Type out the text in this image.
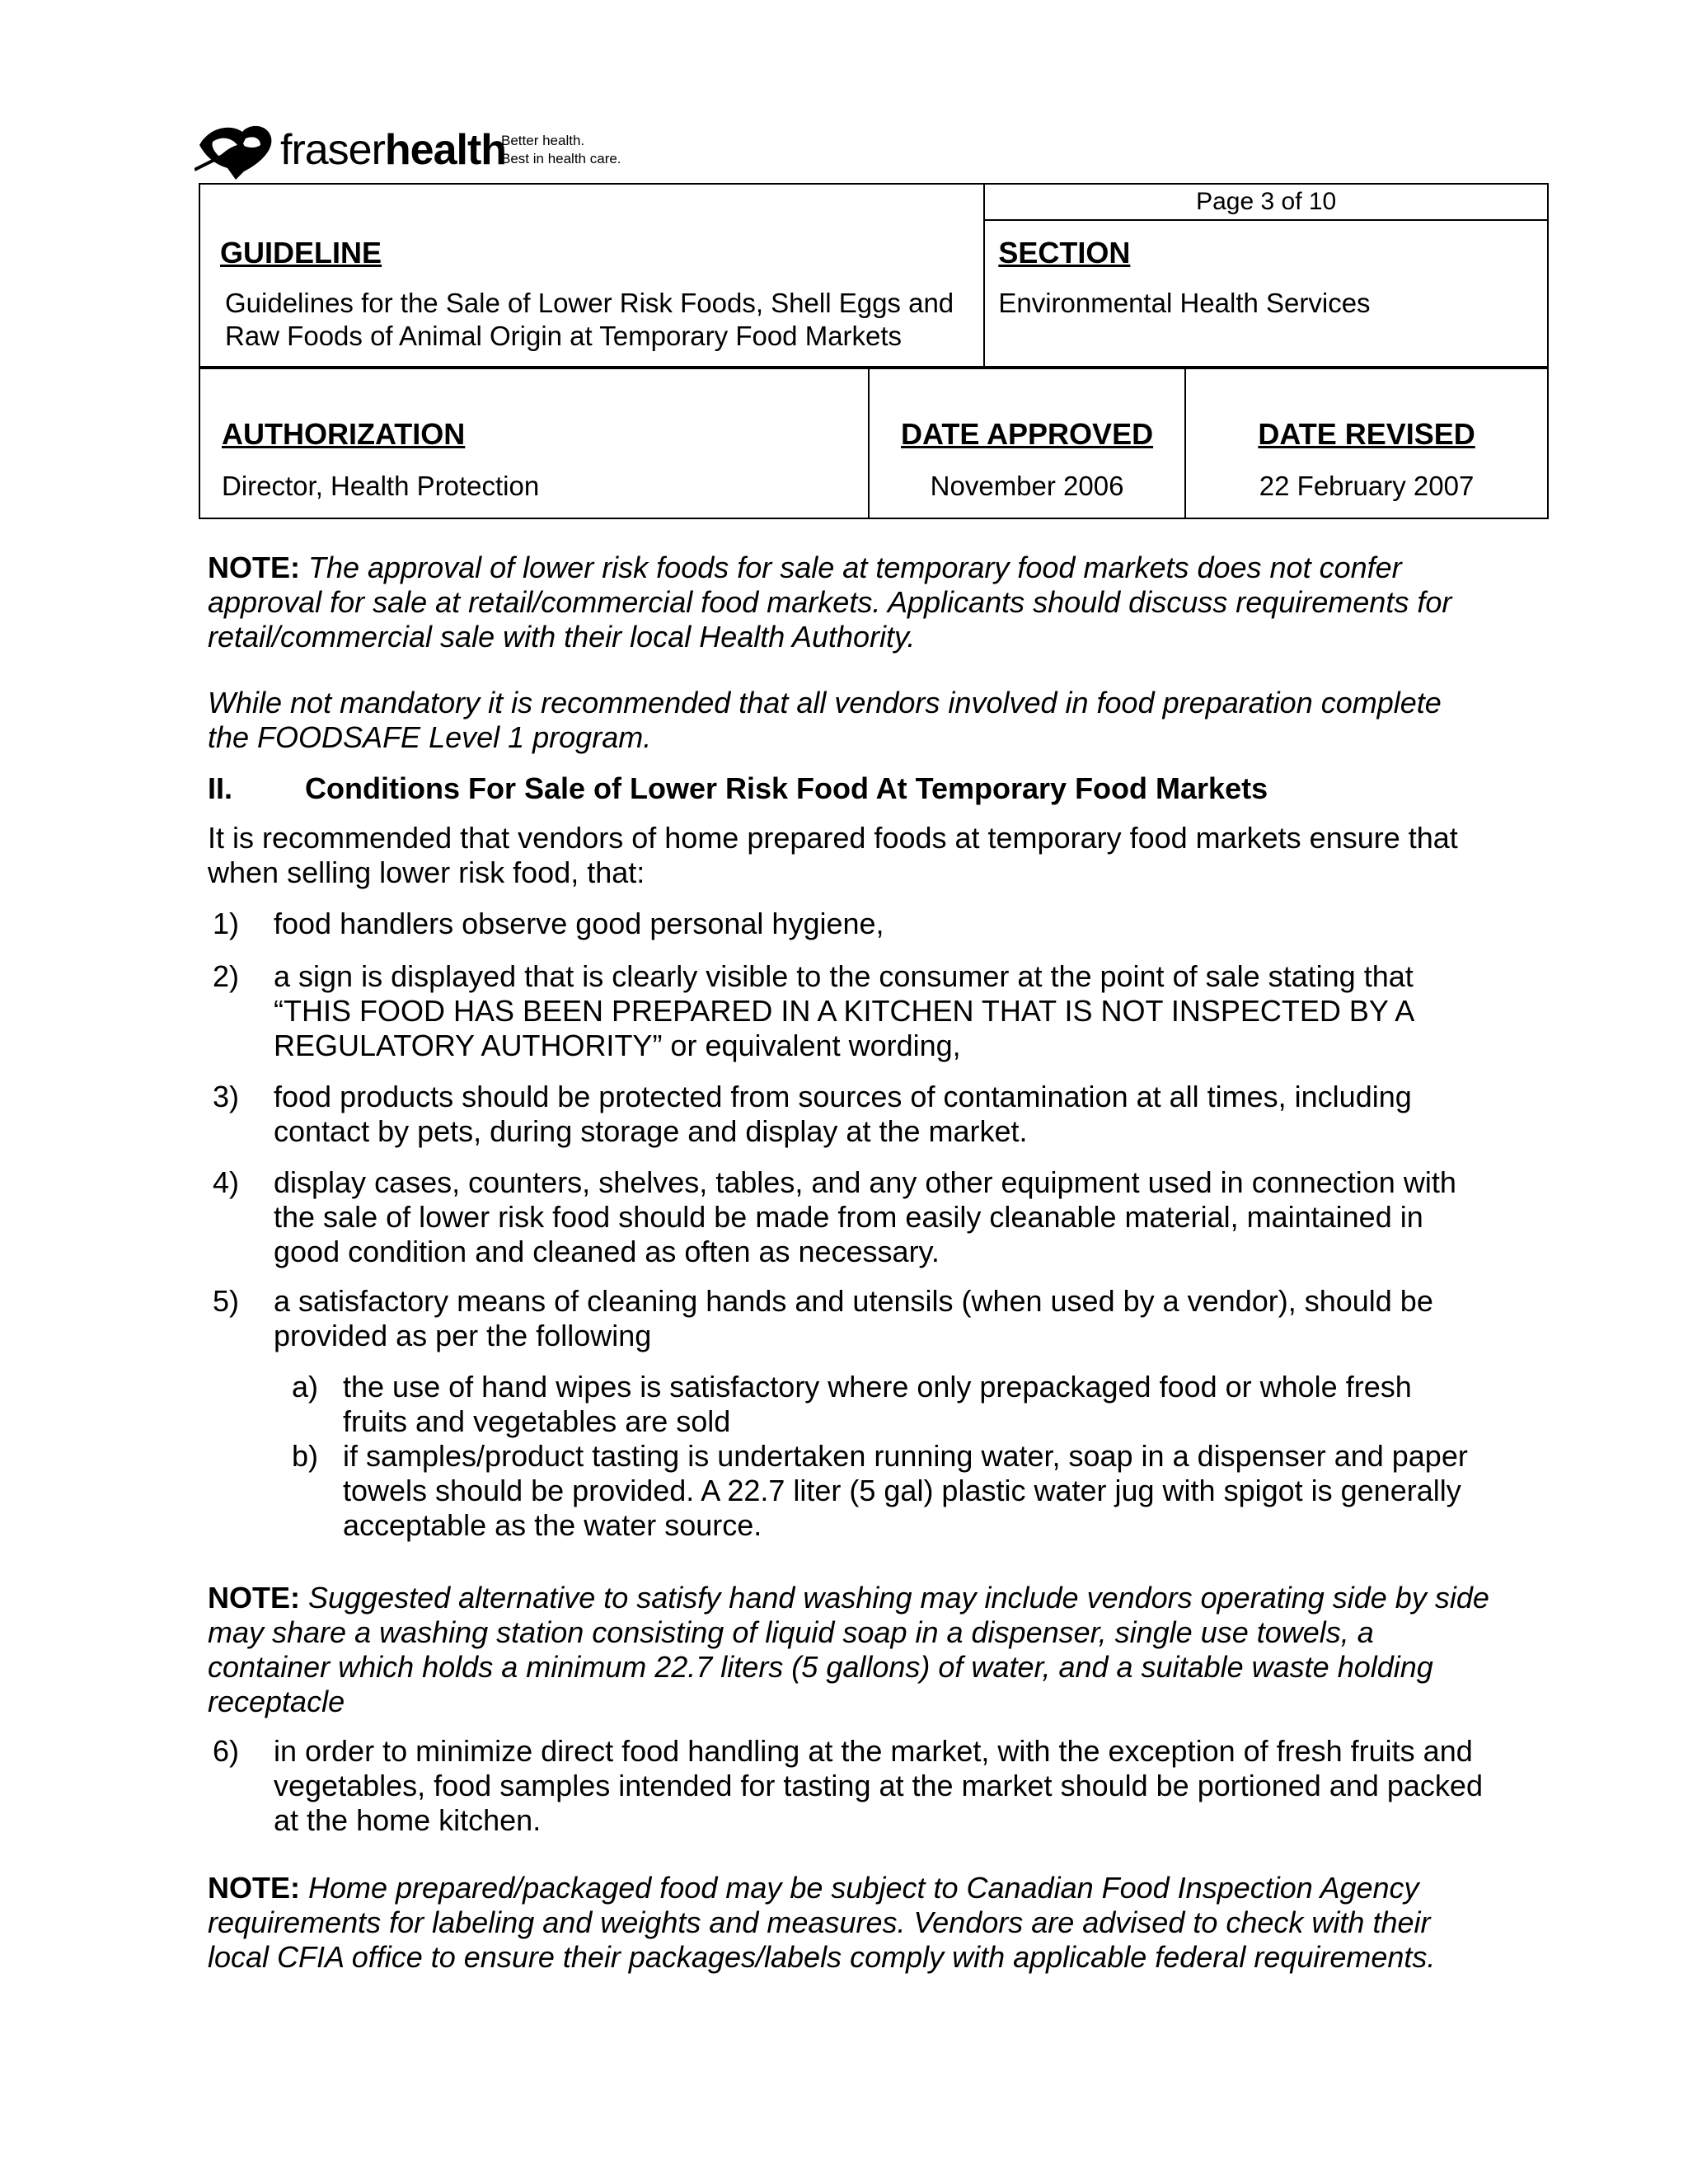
fraserhealth
Better health.
Best in health care.
GUIDELINE
Guidelines for the Sale of Lower Risk Foods, Shell Eggs and
Raw Foods of Animal Origin at Temporary Food Markets

Page 3 of 10
SECTION
Environmental Health Services
AUTHORIZATION
Director, Health Protection

DATE APPROVED
November 2006

DATE REVISED
22 February 2007
NOTE: The approval of lower risk foods for sale at temporary food markets does not confer approval for sale at retail/commercial food markets. Applicants should discuss requirements for retail/commercial sale with their local Health Authority.
While not mandatory it is recommended that all vendors involved in food preparation complete the FOODSAFE Level 1 program.
II. Conditions For Sale of Lower Risk Food At Temporary Food Markets
It is recommended that vendors of home prepared foods at temporary food markets ensure that when selling lower risk food, that:
1) food handlers observe good personal hygiene,
2) a sign is displayed that is clearly visible to the consumer at the point of sale stating that “THIS FOOD HAS BEEN PREPARED IN A KITCHEN THAT IS NOT INSPECTED BY A REGULATORY AUTHORITY” or equivalent wording,
3) food products should be protected from sources of contamination at all times, including contact by pets, during storage and display at the market.
4) display cases, counters, shelves, tables, and any other equipment used in connection with the sale of lower risk food should be made from easily cleanable material, maintained in good condition and cleaned as often as necessary.
5) a satisfactory means of cleaning hands and utensils (when used by a vendor), should be provided as per the following
a) the use of hand wipes is satisfactory where only prepackaged food or whole fresh fruits and vegetables are sold
b) if samples/product tasting is undertaken running water, soap in a dispenser and paper towels should be provided. A 22.7 liter (5 gal) plastic water jug with spigot is generally acceptable as the water source.
NOTE: Suggested alternative to satisfy hand washing may include vendors operating side by side may share a washing station consisting of liquid soap in a dispenser, single use towels, a container which holds a minimum 22.7 liters (5 gallons) of water, and a suitable waste holding receptacle
6) in order to minimize direct food handling at the market, with the exception of fresh fruits and vegetables, food samples intended for tasting at the market should be portioned and packed at the home kitchen.
NOTE: Home prepared/packaged food may be subject to Canadian Food Inspection Agency requirements for labeling and weights and measures. Vendors are advised to check with their local CFIA office to ensure their packages/labels comply with applicable federal requirements.
